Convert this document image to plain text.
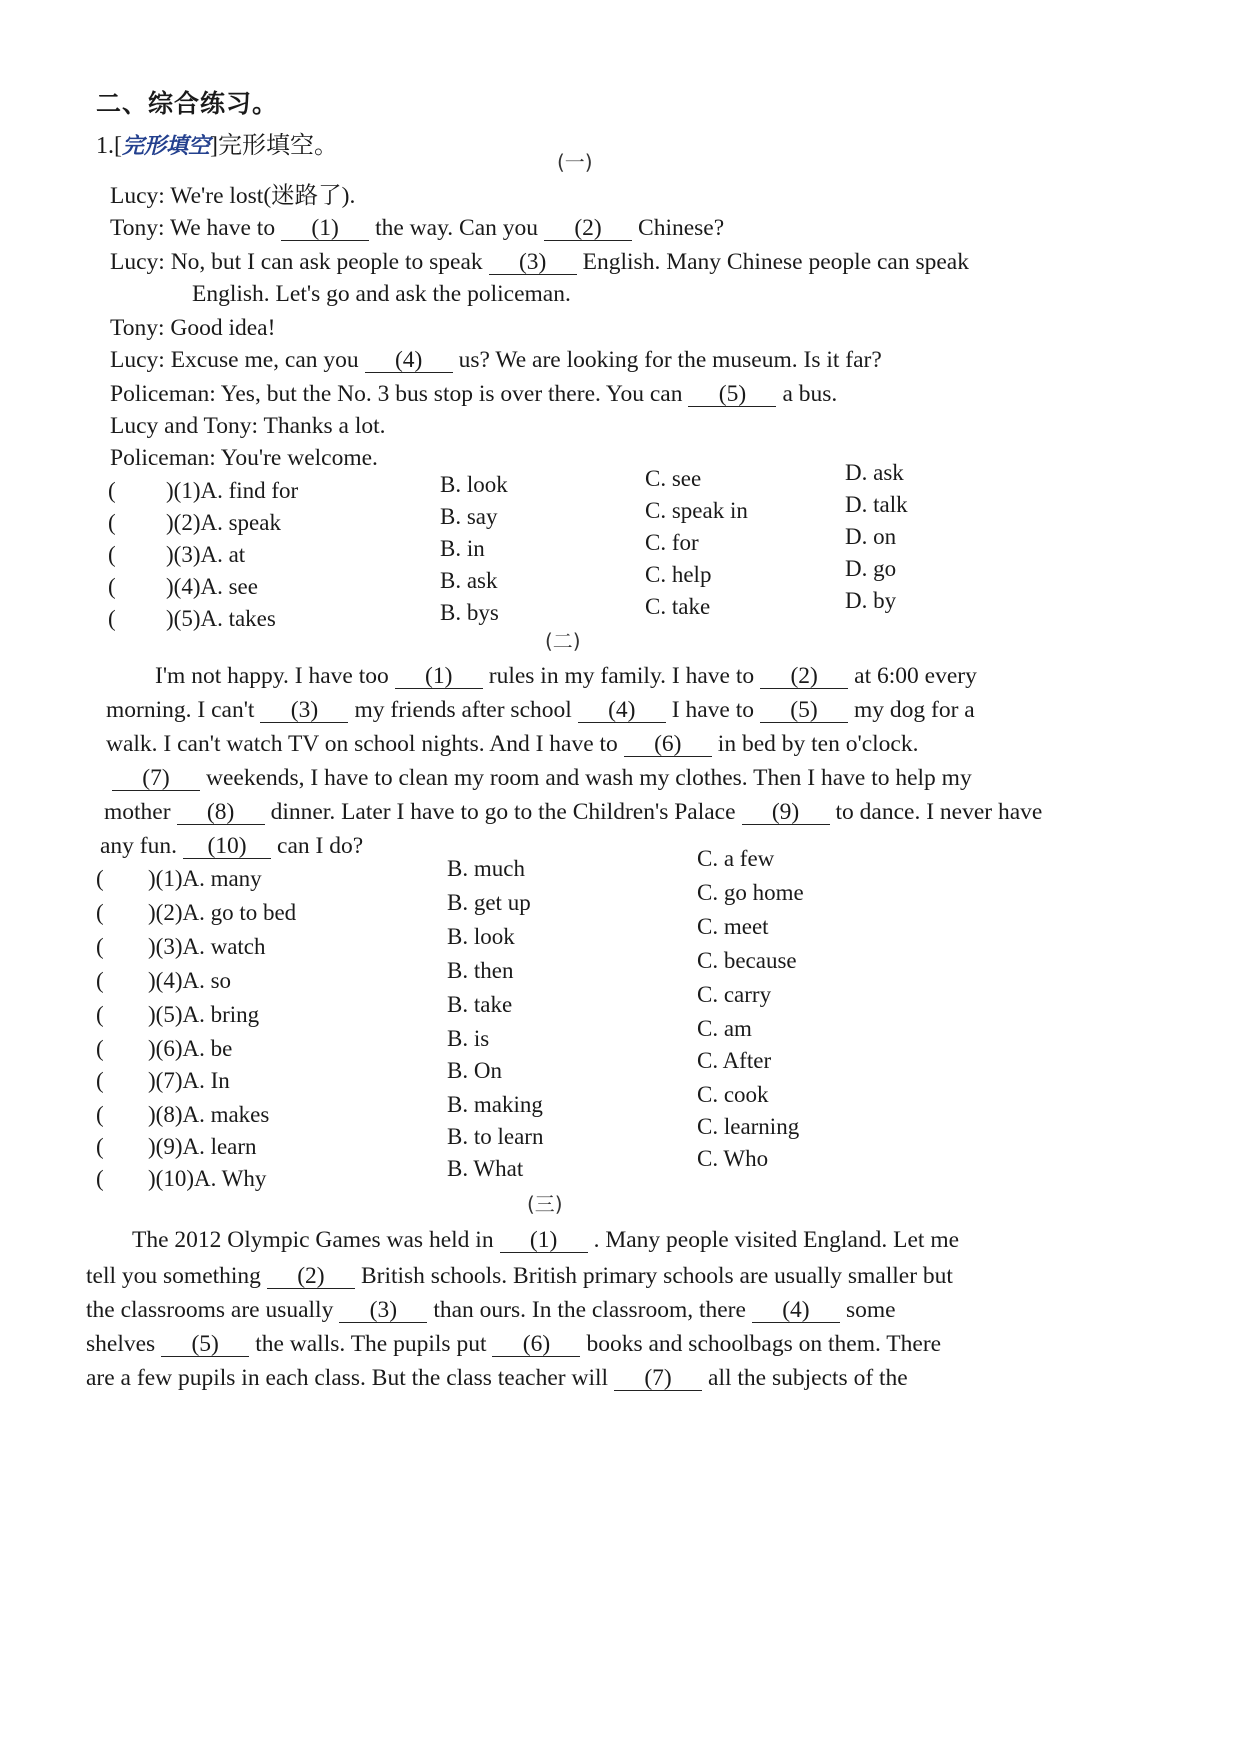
二、综合练习。
1.[完形填空]完形填空。
(一)
Lucy: We're lost(迷路了).
Tony: We have to (1) the way. Can you (2) Chinese?
Lucy: No, but I can ask people to speak (3) English. Many Chinese people can speak
English. Let's go and ask the policeman.
Tony: Good idea!
Lucy: Excuse me, can you (4) us? We are looking for the museum. Is it far?
Policeman: Yes, but the No. 3 bus stop is over there. You can (5) a bus.
Lucy and Tony: Thanks a lot.
Policeman: You're welcome.
( )(1)A. find for	B. look	C. see	D. ask
( )(2)A. speak	B. say	C. speak in	D. talk
( )(3)A. at	B. in	C. for	D. on
( )(4)A. see	B. ask	C. help	D. go
( )(5)A. takes	B. bys	C. take	D. by
(二)
I'm not happy. I have too (1) rules in my family. I have to (2) at 6:00 every
morning. I can't (3) my friends after school (4) I have to (5) my dog for a
walk. I can't watch TV on school nights. And I have to (6) in bed by ten o'clock.
(7) weekends, I have to clean my room and wash my clothes. Then I have to help my
mother (8) dinner. Later I have to go to the Children's Palace (9) to dance. I never have
any fun. (10) can I do?
( )(1)A. many	B. much	C. a few
( )(2)A. go to bed	B. get up	C. go home
( )(3)A. watch	B. look	C. meet
( )(4)A. so	B. then	C. because
( )(5)A. bring	B. take	C. carry
( )(6)A. be	B. is	C. am
( )(7)A. In	B. On	C. After
( )(8)A. makes	B. making	C. cook
( )(9)A. learn	B. to learn	C. learning
( )(10)A. Why	B. What	C. Who
(三)
The 2012 Olympic Games was held in (1) . Many people visited England. Let me
tell you something (2) British schools. British primary schools are usually smaller but
the classrooms are usually (3) than ours. In the classroom, there (4) some
shelves (5) the walls. The pupils put (6) books and schoolbags on them. There
are a few pupils in each class. But the class teacher will (7) all the subjects of the
